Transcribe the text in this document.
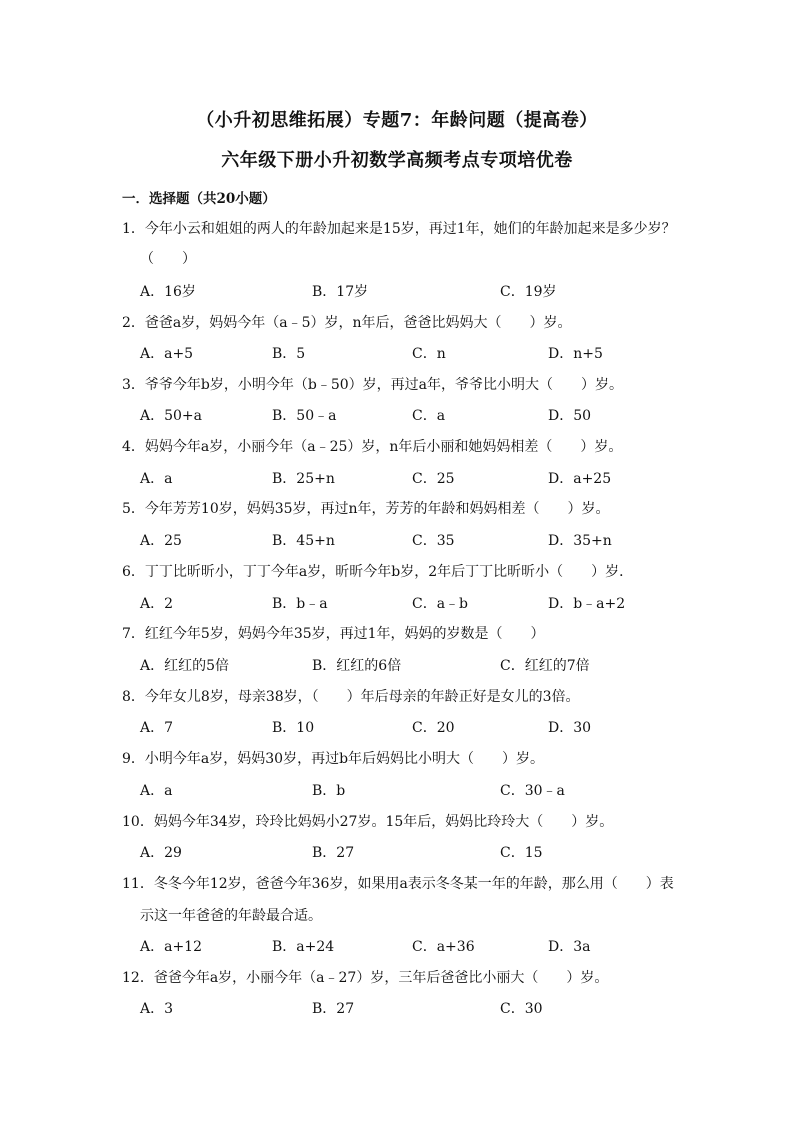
（小升初思维拓展）专题7：年龄问题（提高卷）
六年级下册小升初数学高频考点专项培优卷
一．选择题（共20小题）
1．今年小云和姐姐的两人的年龄加起来是15岁，再过1年，她们的年龄加起来是多少岁？
（　　）
A．16岁	B．17岁	C．19岁
2．爸爸a岁，妈妈今年（a﹣5）岁，n年后，爸爸比妈妈大（　　）岁。
A．a+5	B．5	C．n	D．n+5
3．爷爷今年b岁，小明今年（b﹣50）岁，再过a年，爷爷比小明大（　　）岁。
A．50+a	B．50﹣a	C．a	D．50
4．妈妈今年a岁，小丽今年（a﹣25）岁，n年后小丽和她妈妈相差（　　）岁。
A．a	B．25+n	C．25	D．a+25
5．今年芳芳10岁，妈妈35岁，再过n年，芳芳的年龄和妈妈相差（　　）岁。
A．25	B．45+n	C．35	D．35+n
6．丁丁比昕昕小，丁丁今年a岁，昕昕今年b岁，2年后丁丁比昕昕小（　　）岁．
A．2	B．b﹣a	C．a﹣b	D．b﹣a+2
7．红红今年5岁，妈妈今年35岁，再过1年，妈妈的岁数是（　　）
A．红红的5倍	B．红红的6倍	C．红红的7倍
8．今年女儿8岁，母亲38岁，（　　）年后母亲的年龄正好是女儿的3倍。
A．7	B．10	C．20	D．30
9．小明今年a岁，妈妈30岁，再过b年后妈妈比小明大（　　）岁。
A．a	B．b	C．30﹣a
10．妈妈今年34岁，玲玲比妈妈小27岁。15年后，妈妈比玲玲大（　　）岁。
A．29	B．27	C．15
11．冬冬今年12岁，爸爸今年36岁，如果用a表示冬冬某一年的年龄，那么用（　　）表
示这一年爸爸的年龄最合适。
A．a+12	B．a+24	C．a+36	D．3a
12．爸爸今年a岁，小丽今年（a﹣27）岁，三年后爸爸比小丽大（　　）岁。
A．3	B．27	C．30
